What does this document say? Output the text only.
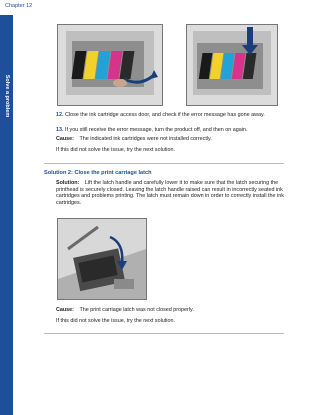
Chapter 12
Solve a problem	12. Close the ink cartridge access door, and check if the error message has gone away.
13. If you still receive the error message, turn the product off, and then on again.
Cause: The indicated ink cartridges were not installed correctly.
If this did not solve the issue, try the next solution.
Solution 2: Close the print carriage latch
Solution: Lift the latch handle and carefully lower it to make sure that the latch securing the printhead is securely closed. Leaving the latch handle raised can result in incorrectly seated ink cartridges and problems printing. The latch must remain down in order to correctly install the ink cartridges.
Cause: The print carriage latch was not closed properly.
If this did not solve the issue, try the next solution.
